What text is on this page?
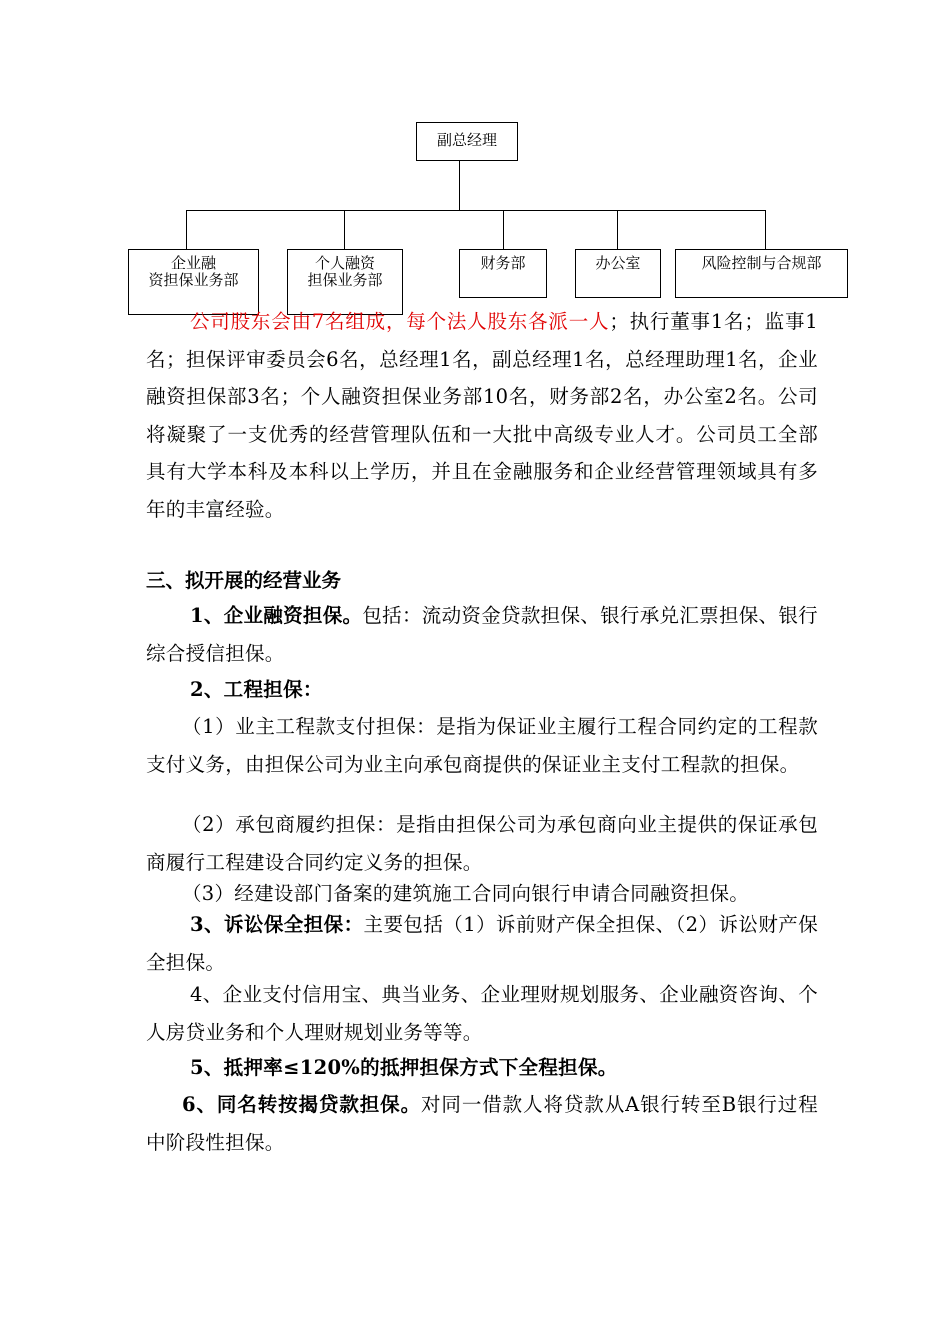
副总经理
企业融
资担保业务部
个人融资
担保业务部
财务部	办公室	风险控制与合规部
公司股东会由7名组成，每个法人股东各派一人；执行董事1名；监事1名；担保评审委员会6名，总经理1名，副总经理1名，总经理助理1名，企业融资担保部3名；个人融资担保业务部10名，财务部2名，办公室2名。公司将凝聚了一支优秀的经营管理队伍和一大批中高级专业人才。公司员工全部具有大学本科及本科以上学历，并且在金融服务和企业经营管理领域具有多年的丰富经验。
三、拟开展的经营业务
1、企业融资担保。包括：流动资金贷款担保、银行承兑汇票担保、银行综合授信担保。
2、工程担保：
（1）业主工程款支付担保：是指为保证业主履行工程合同约定的工程款支付义务，由担保公司为业主向承包商提供的保证业主支付工程款的担保。
（2）承包商履约担保：是指由担保公司为承包商向业主提供的保证承包商履行工程建设合同约定义务的担保。
（3）经建设部门备案的建筑施工合同向银行申请合同融资担保。
3、诉讼保全担保：主要包括（1）诉前财产保全担保、（2）诉讼财产保全担保。
4、企业支付信用宝、典当业务、企业理财规划服务、企业融资咨询、个人房贷业务和个人理财规划业务等等。
5、抵押率≤120%的抵押担保方式下全程担保。
6、同名转按揭贷款担保。对同一借款人将贷款从A银行转至B银行过程中阶段性担保。
